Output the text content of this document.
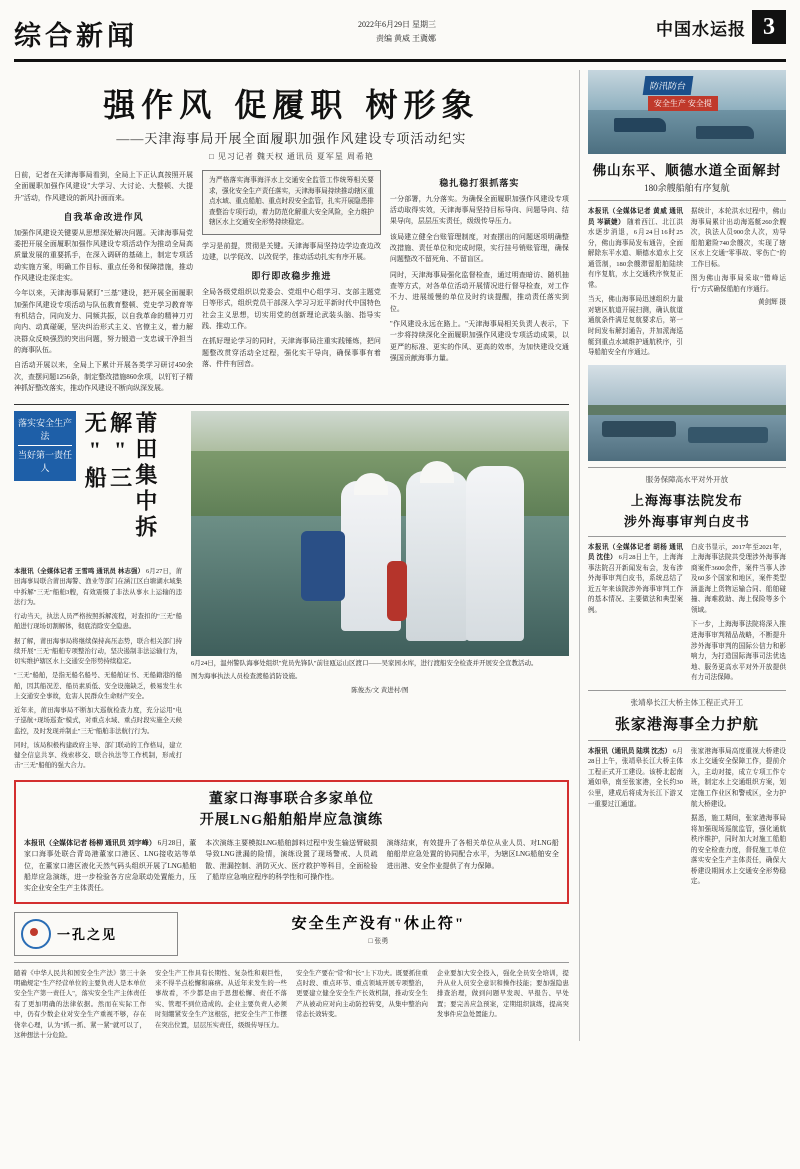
综合新闻	2022年6月29日 星期三
责编 黄威 王冀娜	中国水运报 3
强作风 促履职 树形象
——天津海事局开展全面履职加强作风建设专项活动纪实
□ 见习记者 魏天权 通讯员 夏军星 周希艳

日前，记者在天津海事局看到，全局上下正认真按照开展全面履职加强作风建设"大学习、大讨论、大整顿、大提升"活动，作风建设的新风扑面而来。

自我革命改进作风

加强作风建设关键要从思想深处解决问题。天津海事局党委把开展全面履职加强作风建设专项活动作为推动全局高质量发展的重要抓手，在深入调研的基础上，制定专项活动实施方案，明确工作目标、重点任务和保障措施，推动作风建设走深走实。

今年以来，天津海事局紧盯"三基"建设，把开展全面履职加强作风建设专项活动与队伍教育整顿、党史学习教育等有机结合，同向发力、同频共振，以自我革命的精神刀刃向内、动真碰硬，坚决纠治形式主义、官僚主义，着力解决群众反映强烈的突出问题，努力锻造一支忠诚干净担当的海事队伍。

自活动开展以来，全局上下累计开展各类学习研讨450余次，查摆问题1256条，制定整改措施860余项，以钉钉子精神抓好整改落实，推动作风建设不断向纵深发展。

为严格落实海事海洋水上交通安全监管工作统筹相关要求，强化安全生产责任落实，天津海事局持续推动辖区重点水域、重点船舶、重点时段安全监管，扎实开展隐患排查整治专项行动，着力防范化解重大安全风险，全力维护辖区水上交通安全形势持续稳定。

学习是前提，贯彻是关键。天津海事局坚持边学边查边改边建，以学促改、以改促学，推动活动扎实有序开展。

即行即改稳步推进

全局各级党组织以党委会、党组中心组学习、支部主题党日等形式，组织党员干部深入学习习近平新时代中国特色社会主义思想，切实用党的创新理论武装头脑、指导实践、推动工作。

在抓好理论学习的同时，天津海事局注重实践锤炼，把问题整改贯穿活动全过程，强化实干导向，确保事事有着落、件件有回音。

稳扎稳打狠抓落实

一分部署，九分落实。为确保全面履职加强作风建设专项活动取得实效，天津海事局坚持目标导向、问题导向、结果导向，层层压实责任，级级传导压力。

该局建立健全台账管理制度，对查摆出的问题逐项明确整改措施、责任单位和完成时限，实行挂号销账管理，确保问题整改不留死角、不留盲区。

同时，天津海事局强化监督检查，通过明查暗访、随机抽查等方式，对各单位活动开展情况进行督导检查，对工作不力、进展缓慢的单位及时约谈提醒，推动责任落实到位。

"作风建设永远在路上。"天津海事局相关负责人表示，下一步将持续深化全面履职加强作风建设专项活动成果，以更严的标准、更实的作风、更高的效率，为加快建设交通强国贡献海事力量。

落实安全生产法
当好第一责任人	莆田集中拆解"三无"船
本报讯（全媒体记者 王雪鸣 通讯员 林志强） 6月27日，莆田海事局联合莆田海警、渔业等部门在涵江区白塘湖水域集中拆解"三无"船舶3艘，有效震慑了非法从事水上运输的违法行为。
行动当天，执法人员严格按照拆解流程，对查扣的"三无"船舶进行现场切割解体，彻底消除安全隐患。
据了解，莆田海事局将继续保持高压态势，联合相关部门持续开展"三无"船舶专项整治行动，坚决遏制非法运输行为，切实维护辖区水上交通安全形势持续稳定。
"三无"船舶，是指无船名船号、无船舶证书、无船籍港的船舶，因其船况差、船员素质低、安全设施缺乏，极易发生水上交通安全事故，危害人民群众生命财产安全。
近年来，莆田海事局不断加大巡航检查力度，充分运用"电子巡航+现场巡查"模式，对重点水域、重点时段实施全天候监控，及时发现并制止"三无"船舶非法航行行为。
同时，该局积极构建政府主导、部门联动的工作格局，建立健全信息共享、线索移交、联合执法等工作机制，形成打击"三无"船舶的强大合力。
6月24日，温州警队海事处组织"党员先锋队"前往瓯运山区渡口——吴家园水库，进行渡船安全检查并开展安全宣教活动。
图为海事执法人员检查渡船消防设施。
陈俊杰/文 黄进村/图
董家口海事联合多家单位
开展LNG船舶船岸应急演练
本报讯（全媒体记者 杨柳 通讯员 刘宇峰） 6月28日，董家口海事处联合青岛港董家口港区、LNG接收站等单位，在董家口港区液化天然气码头组织开展了LNG船舶船岸应急演练，进一步检验各方应急联动处置能力，压实企业安全生产主体责任。
本次演练主要模拟LNG船舶卸料过程中发生输送臂破损导致LNG泄漏的险情，演练设置了现场警戒、人员疏散、泄漏控制、消防灭火、医疗救护等科目，全面检验了船岸应急响应程序的科学性和可操作性。
演练结束，有效提升了各相关单位从业人员、对LNG船舶船岸应急处置的协同配合水平，为辖区LNG船舶安全进出港、安全作业提供了有力保障。
一孔之见
安全生产没有"休止符"
□ 张勇
随着《中华人民共和国安全生产法》第三十条明确规定"生产经营单位的主要负责人是本单位安全生产第一责任人"，落实安全生产主体责任有了更加明确的法律依据。然而在实际工作中，仍有少数企业对安全生产重视不够，存在侥幸心理，认为"抓一抓、紧一紧"就可以了，这种想法十分危险。
安全生产工作具有长期性、复杂性和艰巨性，来不得半点松懈和麻痹。从近年来发生的一些事故看，不少都是由于思想松懈、责任不落实、管理不到位造成的。企业主要负责人必须时刻绷紧安全生产这根弦，把安全生产工作摆在突出位置，层层压实责任，级级传导压力。
安全生产要在"常"和"长"上下功夫。既要抓住重点时段、重点环节、重点领域开展专项整治，更要建立健全安全生产长效机制，推动安全生产从被动应对向主动防控转变，从集中整治向常态长效转变。
企业要加大安全投入，强化全员安全培训，提升从业人员安全意识和操作技能；要加强隐患排查治理，做到问题早发现、早报告、早处置；要完善应急预案，定期组织演练，提高突发事件应急处置能力。
防汛防台
安全生产 安全提
佛山东平、顺德水道全面解封
180余艘船舶有序复航
本报讯（全媒体记者 黄威 通讯员 岑颖婕） 随着西江、北江洪水逐步消退，6月24日16时25分，佛山海事局发布通告，全面解除东平水道、顺德水道水上交通管制，180余艘滞留船舶陆续有序复航，水上交通秩序恢复正常。

当天，佛山海事局迅速组织力量对辖区航道开展扫测，确认航道通航条件满足复航要求后，第一时间发布解封通告，并加派海巡艇到重点水域维护通航秩序，引导船舶安全有序通过。

据统计，本轮洪水过程中，佛山海事局累计出动海巡艇260余艘次，执法人员900余人次，劝导船舶避险740余艘次，实现了辖区水上交通"零事故、零伤亡"的工作目标。

图为佛山海事局采取"错峰运行"方式确保船舶有序通行。

黄剑辉 摄

服务保障高水平对外开放
上海海事法院发布
涉外海事审判白皮书
本报讯（全媒体记者 胡杨 通讯员 沈佳） 6月28日上午，上海海事法院召开新闻发布会，发布涉外海事审判白皮书，系统总结了近五年来该院涉外海事审判工作的基本情况、主要做法和典型案例。
白皮书显示，2017年至2021年，上海海事法院共受理涉外海事海商案件3600余件，案件当事人涉及60多个国家和地区，案件类型涵盖海上货物运输合同、船舶碰撞、海难救助、海上保险等多个领域。

下一步，上海海事法院将深入推进海事审判精品战略，不断提升涉外海事审判的国际公信力和影响力，为打造国际海事司法优选地、服务更高水平对外开放提供有力司法保障。

张靖皋长江大桥主体工程正式开工
张家港海事全力护航
本报讯（通讯员 陆琪 沈杰） 6月28日上午，张靖皋长江大桥主体工程正式开工建设。该桥北起南通如皋，南至张家港，全长约30公里，建成后将成为长江下游又一重要过江通道。
张家港海事局高度重视大桥建设水上交通安全保障工作，提前介入，主动对接，成立专项工作专班，制定水上交通组织方案，划定施工作业区和警戒区，全力护航大桥建设。

据悉，施工期间，张家港海事局将加强现场巡航监管，强化通航秩序维护，同时加大对施工船舶的安全检查力度，督促施工单位落实安全生产主体责任，确保大桥建设期间水上交通安全形势稳定。
